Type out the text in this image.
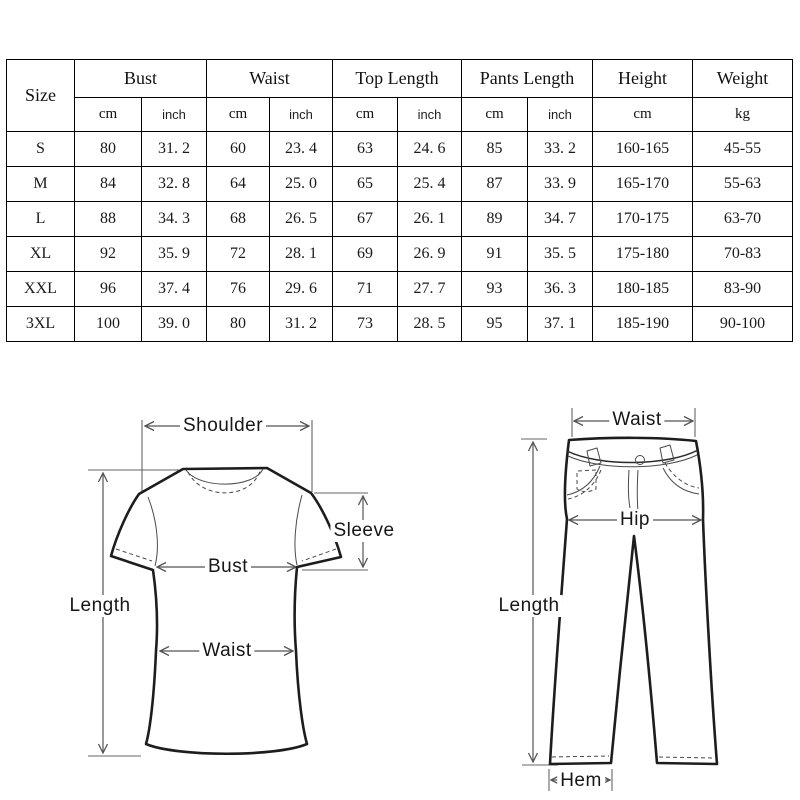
Size	Bust		Waist		Top Length		Pants Length		Height	Weight
	cm	inch	cm	inch	cm	inch	cm	inch	cm	kg
S	80	31. 2	60	23. 4	63	24. 6	85	33. 2	160-165	45-55
M	84	32. 8	64	25. 0	65	25. 4	87	33. 9	165-170	55-63
L	88	34. 3	68	26. 5	67	26. 1	89	34. 7	170-175	63-70
XL	92	35. 9	72	28. 1	69	26. 9	91	35. 5	175-180	70-83
XXL	96	37. 4	76	29. 6	71	27. 7	93	36. 3	180-185	83-90
3XL	100	39. 0	80	31. 2	73	28. 5	95	37. 1	185-190	90-100
Shoulder
Sleeve
Bust
Waist
Length
Waist
Hip
Length
Hem
